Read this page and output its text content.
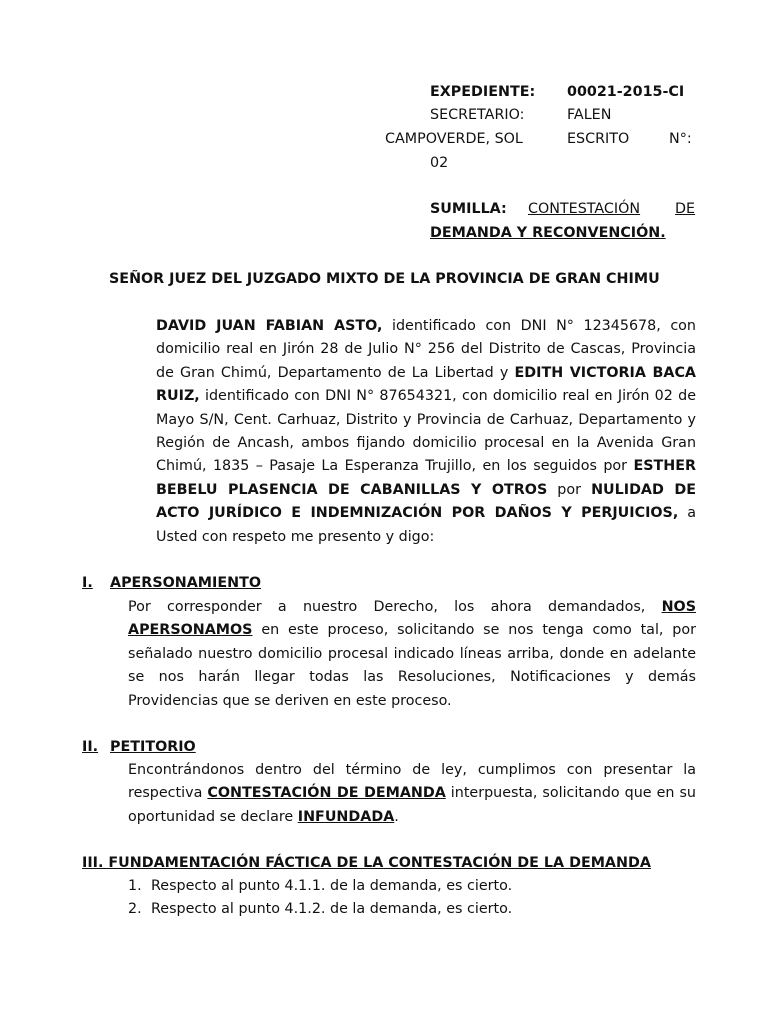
EXPEDIENTE: 00021-2015-CI
SECRETARIO:	FALEN
CAMPOVERDE, SOL	ESCRITO	N°:
02
SUMILLA: CONTESTACIÓN DE
DEMANDA Y RECONVENCIÓN.
SEÑOR JUEZ DEL JUZGADO MIXTO DE LA PROVINCIA DE GRAN CHIMU
DAVID JUAN FABIAN ASTO, identificado con DNI N° 12345678, con
domicilio real en Jirón 28 de Julio N° 256 del Distrito de Cascas, Provincia
de Gran Chimú, Departamento de La Libertad y EDITH VICTORIA BACA
RUIZ, identificado con DNI N° 87654321, con domicilio real en Jirón 02 de
Mayo S/N, Cent. Carhuaz, Distrito y Provincia de Carhuaz, Departamento y
Región de Ancash, ambos fijando domicilio procesal en la Avenida Gran
Chimú, 1835 – Pasaje La Esperanza Trujillo, en los seguidos por ESTHER
BEBELU PLASENCIA DE CABANILLAS Y OTROS por NULIDAD DE
ACTO JURÍDICO E INDEMNIZACIÓN POR DAÑOS Y PERJUICIOS, a
Usted con respeto me presento y digo:
I. APERSONAMIENTO
Por corresponder a nuestro Derecho, los ahora demandados, NOS
APERSONAMOS en este proceso, solicitando se nos tenga como tal, por
señalado nuestro domicilio procesal indicado líneas arriba, donde en adelante
se nos harán llegar todas las Resoluciones, Notificaciones y demás
Providencias que se deriven en este proceso.
II. PETITORIO
Encontrándonos dentro del término de ley, cumplimos con presentar la
respectiva CONTESTACIÓN DE DEMANDA interpuesta, solicitando que en su
oportunidad se declare INFUNDADA.
III. FUNDAMENTACIÓN FÁCTICA DE LA CONTESTACIÓN DE LA DEMANDA
1. Respecto al punto 4.1.1. de la demanda, es cierto.
2. Respecto al punto 4.1.2. de la demanda, es cierto.
